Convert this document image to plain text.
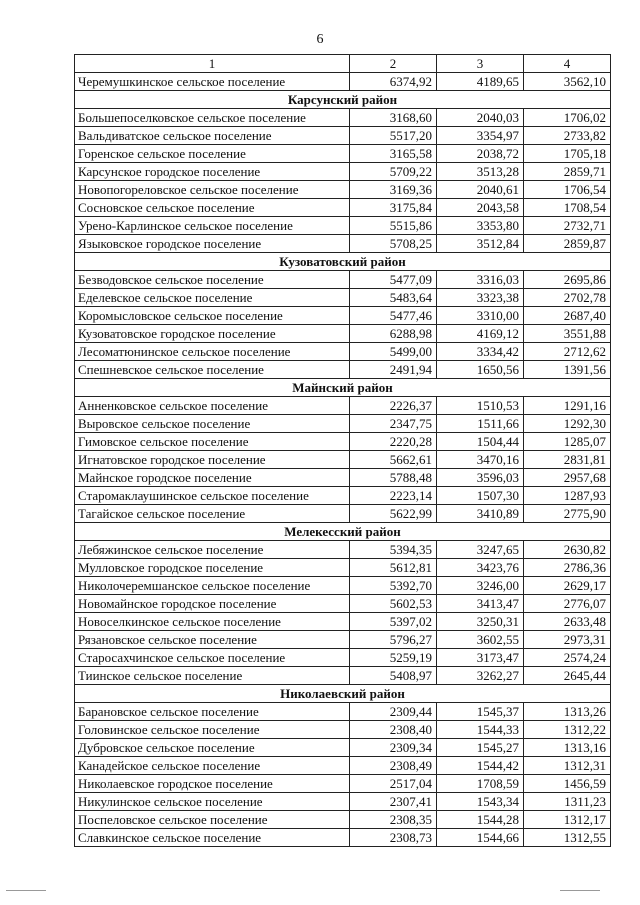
6
1	2	3	4
Черемушкинское сельское поселение	6374,92	4189,65	3562,10
Карсунский район			
Большепоселковское сельское поселение	3168,60	2040,03	1706,02
Вальдиватское сельское поселение	5517,20	3354,97	2733,82
Горенское сельское поселение	3165,58	2038,72	1705,18
Карсунское городское поселение	5709,22	3513,28	2859,71
Новопогореловское сельское поселение	3169,36	2040,61	1706,54
Сосновское сельское поселение	3175,84	2043,58	1708,54
Урено-Карлинское сельское поселение	5515,86	3353,80	2732,71
Языковское городское поселение	5708,25	3512,84	2859,87
Кузоватовский район			
Безводовское сельское поселение	5477,09	3316,03	2695,86
Еделевское сельское поселение	5483,64	3323,38	2702,78
Коромысловское сельское поселение	5477,46	3310,00	2687,40
Кузоватовское городское поселение	6288,98	4169,12	3551,88
Лесоматюнинское сельское поселение	5499,00	3334,42	2712,62
Спешневское сельское поселение	2491,94	1650,56	1391,56
Майнский район			
Анненковское сельское поселение	2226,37	1510,53	1291,16
Выровское сельское поселение	2347,75	1511,66	1292,30
Гимовское сельское поселение	2220,28	1504,44	1285,07
Игнатовское городское поселение	5662,61	3470,16	2831,81
Майнское городское поселение	5788,48	3596,03	2957,68
Старомаклаушинское сельское поселение	2223,14	1507,30	1287,93
Тагайское сельское поселение	5622,99	3410,89	2775,90
Мелекесский район			
Лебяжинское сельское поселение	5394,35	3247,65	2630,82
Мулловское городское поселение	5612,81	3423,76	2786,36
Николочеремшанское сельское поселение	5392,70	3246,00	2629,17
Новомайнское городское поселение	5602,53	3413,47	2776,07
Новоселкинское сельское поселение	5397,02	3250,31	2633,48
Рязановское сельское поселение	5796,27	3602,55	2973,31
Старосахчинское сельское поселение	5259,19	3173,47	2574,24
Тиинское сельское поселение	5408,97	3262,27	2645,44
Николаевский район			
Барановское сельское поселение	2309,44	1545,37	1313,26
Головинское сельское поселение	2308,40	1544,33	1312,22
Дубровское сельское поселение	2309,34	1545,27	1313,16
Канадейское сельское поселение	2308,49	1544,42	1312,31
Николаевское городское поселение	2517,04	1708,59	1456,59
Никулинское сельское поселение	2307,41	1543,34	1311,23
Поспеловское сельское поселение	2308,35	1544,28	1312,17
Славкинское сельское поселение	2308,73	1544,66	1312,55
